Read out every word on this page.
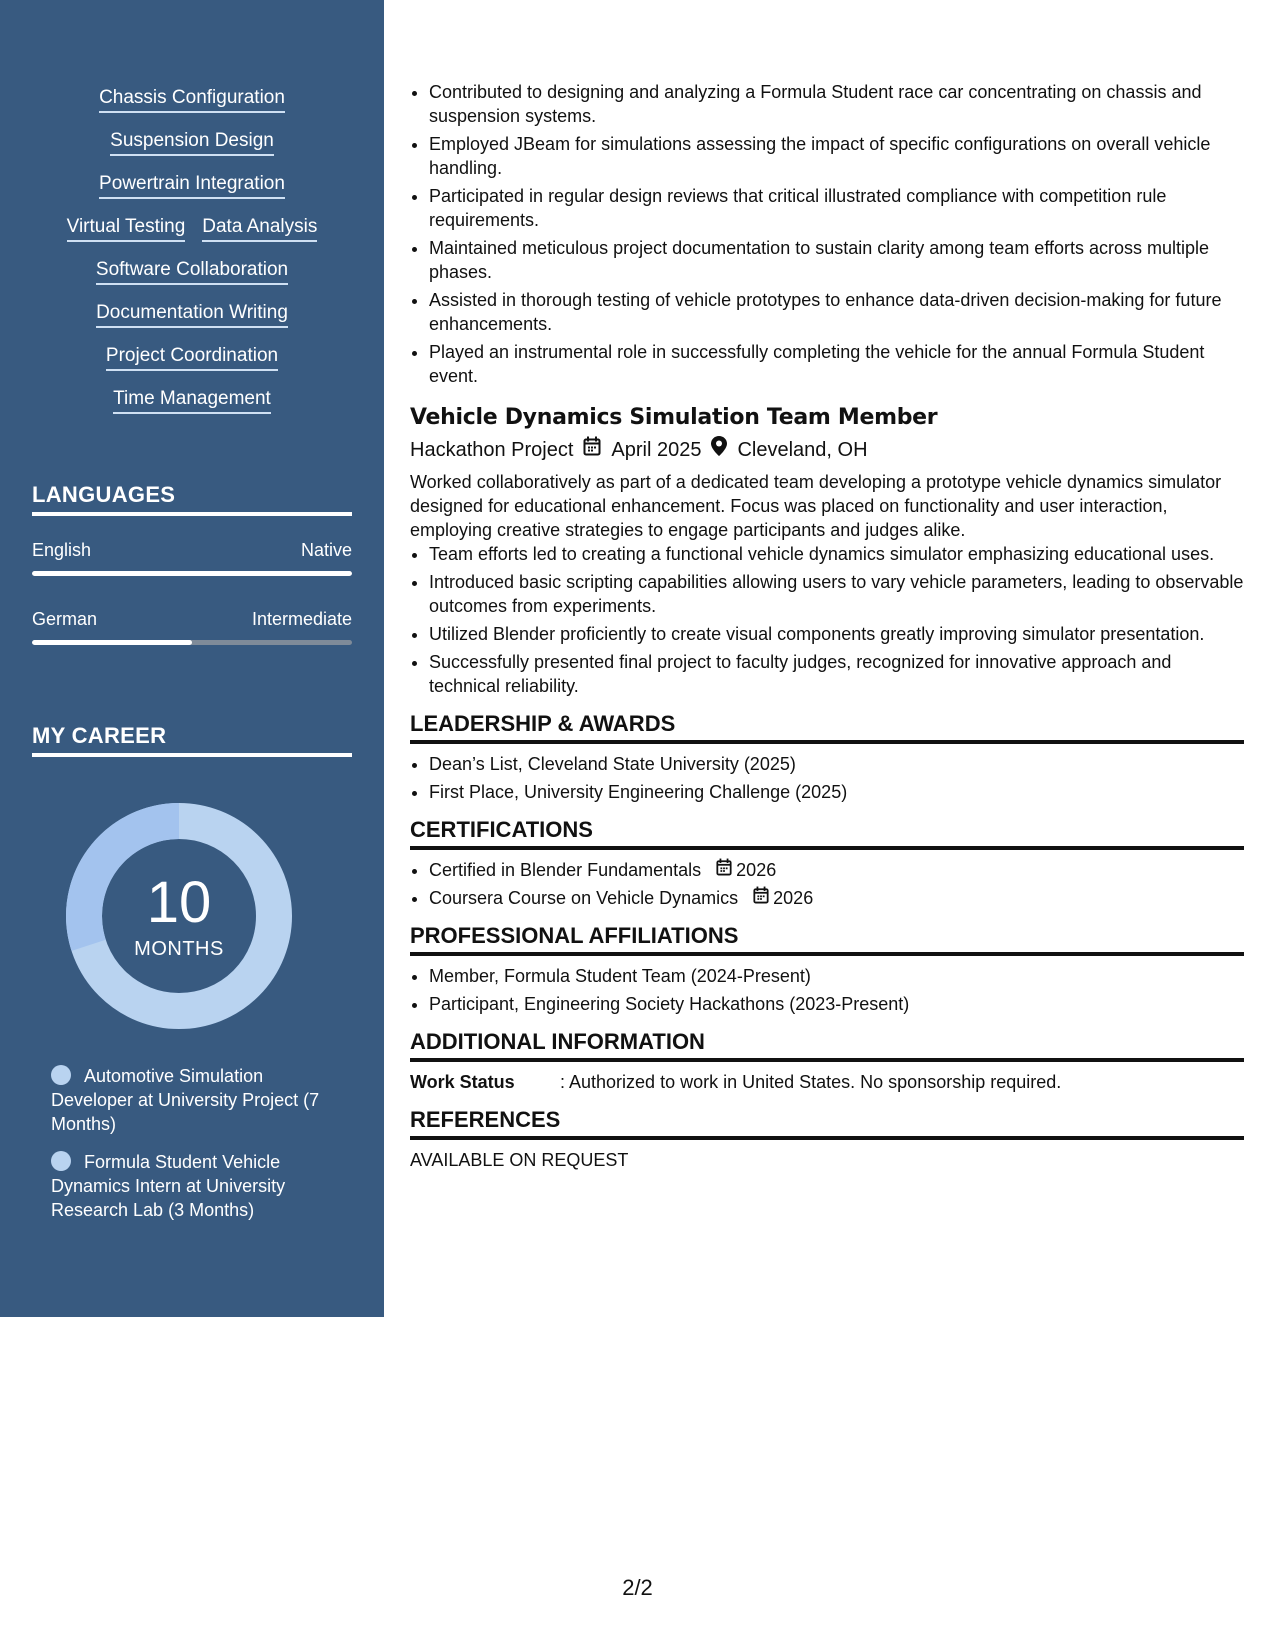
Chassis Configuration
Suspension Design
Powertrain Integration
Virtual Testing Data Analysis
Software Collaboration
Documentation Writing
Project Coordination
Time Management
LANGUAGES
English	Native
German	Intermediate
MY CAREER
10
MONTHS
Automotive Simulation Developer at University Project (7 Months)
Formula Student Vehicle Dynamics Intern at University Research Lab (3 Months)
• Contributed to designing and analyzing a Formula Student race car concentrating on chassis and suspension systems.
• Employed JBeam for simulations assessing the impact of specific configurations on overall vehicle handling.
• Participated in regular design reviews that critical illustrated compliance with competition rule requirements.
• Maintained meticulous project documentation to sustain clarity among team efforts across multiple phases.
• Assisted in thorough testing of vehicle prototypes to enhance data-driven decision-making for future enhancements.
• Played an instrumental role in successfully completing the vehicle for the annual Formula Student event.
Vehicle Dynamics Simulation Team Member
Hackathon Project April 2025 Cleveland, OH
Worked collaboratively as part of a dedicated team developing a prototype vehicle dynamics simulator designed for educational enhancement. Focus was placed on functionality and user interaction, employing creative strategies to engage participants and judges alike.
• Team efforts led to creating a functional vehicle dynamics simulator emphasizing educational uses.
• Introduced basic scripting capabilities allowing users to vary vehicle parameters, leading to observable outcomes from experiments.
• Utilized Blender proficiently to create visual components greatly improving simulator presentation.
• Successfully presented final project to faculty judges, recognized for innovative approach and technical reliability.
LEADERSHIP & AWARDS
• Dean’s List, Cleveland State University (2025)
• First Place, University Engineering Challenge (2025)
CERTIFICATIONS
• Certified in Blender Fundamentals 2026
• Coursera Course on Vehicle Dynamics 2026
PROFESSIONAL AFFILIATIONS
• Member, Formula Student Team (2024-Present)
• Participant, Engineering Society Hackathons (2023-Present)
ADDITIONAL INFORMATION
Work Status	: Authorized to work in United States. No sponsorship required.
REFERENCES
AVAILABLE ON REQUEST
2/2
